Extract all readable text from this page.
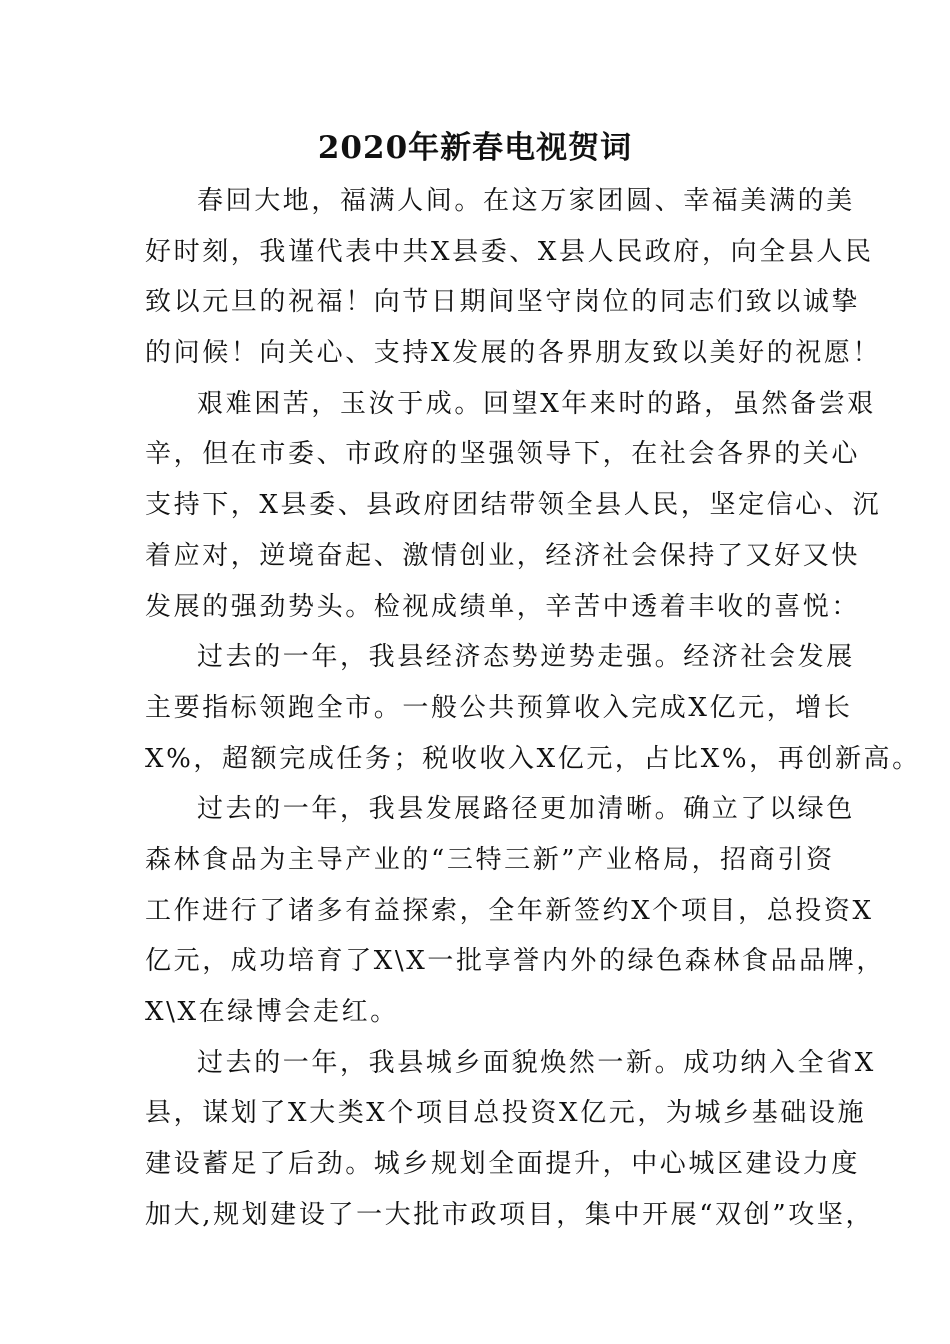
2020年新春电视贺词
春回大地，福满人间。在这万家团圆、幸福美满的美
好时刻，我谨代表中共X县委、X县人民政府，向全县人民
致以元旦的祝福！向节日期间坚守岗位的同志们致以诚挚
的问候！向关心、支持X发展的各界朋友致以美好的祝愿！
艰难困苦，玉汝于成。回望X年来时的路，虽然备尝艰
辛，但在市委、市政府的坚强领导下，在社会各界的关心
支持下，X县委、县政府团结带领全县人民，坚定信心、沉
着应对，逆境奋起、激情创业，经济社会保持了又好又快
发展的强劲势头。检视成绩单，辛苦中透着丰收的喜悦：
过去的一年，我县经济态势逆势走强。经济社会发展
主要指标领跑全市。一般公共预算收入完成X亿元，增长
X%，超额完成任务；税收收入X亿元，占比X%，再创新高。
过去的一年，我县发展路径更加清晰。确立了以绿色
森林食品为主导产业的“三特三新”产业格局，招商引资
工作进行了诸多有益探索，全年新签约X个项目，总投资X
亿元，成功培育了X\X一批享誉内外的绿色森林食品品牌，
X\X在绿博会走红。
过去的一年，我县城乡面貌焕然一新。成功纳入全省X
县，谋划了X大类X个项目总投资X亿元，为城乡基础设施
建设蓄足了后劲。城乡规划全面提升，中心城区建设力度
加大,规划建设了一大批市政项目，集中开展“双创”攻坚，
